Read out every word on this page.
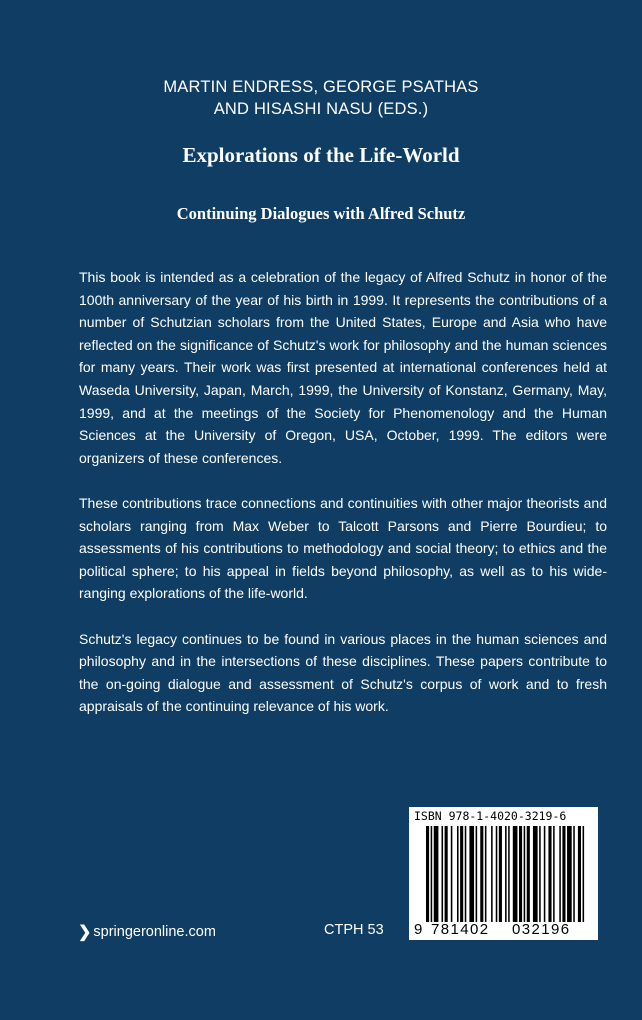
MARTIN ENDRESS, GEORGE PSATHAS
AND HISASHI NASU (EDS.)
Explorations of the Life-World
Continuing Dialogues with Alfred Schutz

This book is intended as a celebration of the legacy of Alfred Schutz in honor of the 100th anniversary of the year of his birth in 1999. It represents the contributions of a number of Schutzian scholars from the United States, Europe and Asia who have reflected on the significance of Schutz's work for philosophy and the human sciences for many years. Their work was first presented at international conferences held at Waseda University, Japan, March, 1999, the University of Konstanz, Germany, May, 1999, and at the meetings of the Society for Phenomenology and the Human Sciences at the University of Oregon, USA, October, 1999. The editors were organizers of these conferences.

These contributions trace connections and continuities with other major theorists and scholars ranging from Max Weber to Talcott Parsons and Pierre Bourdieu; to assessments of his contributions to methodology and social theory; to ethics and the political sphere; to his appeal in fields beyond philosophy, as well as to his wide-ranging explorations of the life-world.

Schutz's legacy continues to be found in various places in the human sciences and philosophy and in the intersections of these disciplines. These papers contribute to the on-going dialogue and assessment of Schutz's corpus of work and to fresh appraisals of the continuing relevance of his work.

❯ springeronline.com	CTPH 53
ISBN 978-1-4020-3219-6
9 781402 032196
